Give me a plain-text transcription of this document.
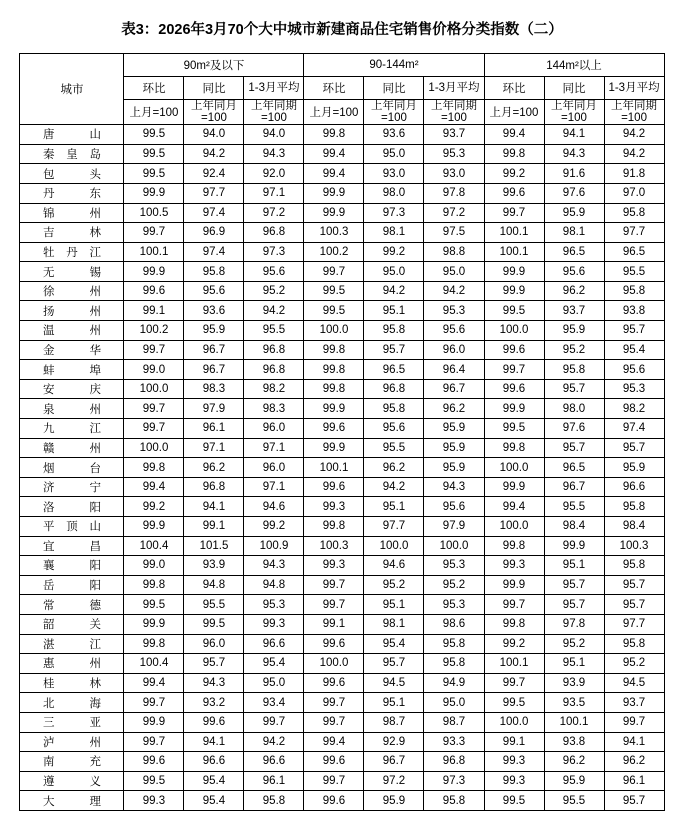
表3：2026年3月70个大中城市新建商品住宅销售价格分类指数（二）
城市	90m²及以下			90-144m²			144m²以上		
	环比	同比	1-3月平均	环比	同比	1-3月平均	环比	同比	1-3月平均
	上月=100	上年同月=100	上年同期=100	上月=100	上年同月=100	上年同期=100	上月=100	上年同月=100	上年同期=100
唐山	99.5	94.0	94.0	99.8	93.6	93.7	99.4	94.1	94.2
秦皇岛	99.5	94.2	94.3	99.4	95.0	95.3	99.8	94.3	94.2
包头	99.5	92.4	92.0	99.4	93.0	93.0	99.2	91.6	91.8
丹东	99.9	97.7	97.1	99.9	98.0	97.8	99.6	97.6	97.0
锦州	100.5	97.4	97.2	99.9	97.3	97.2	99.7	95.9	95.8
吉林	99.7	96.9	96.8	100.3	98.1	97.5	100.1	98.1	97.7
牡丹江	100.1	97.4	97.3	100.2	99.2	98.8	100.1	96.5	96.5
无锡	99.9	95.8	95.6	99.7	95.0	95.0	99.9	95.6	95.5
徐州	99.6	95.6	95.2	99.5	94.2	94.2	99.9	96.2	95.8
扬州	99.1	93.6	94.2	99.5	95.1	95.3	99.5	93.7	93.8
温州	100.2	95.9	95.5	100.0	95.8	95.6	100.0	95.9	95.7
金华	99.7	96.7	96.8	99.8	95.7	96.0	99.6	95.2	95.4
蚌埠	99.0	96.7	96.8	99.8	96.5	96.4	99.7	95.8	95.6
安庆	100.0	98.3	98.2	99.8	96.8	96.7	99.6	95.7	95.3
泉州	99.7	97.9	98.3	99.9	95.8	96.2	99.9	98.0	98.2
九江	99.7	96.1	96.0	99.6	95.6	95.9	99.5	97.6	97.4
赣州	100.0	97.1	97.1	99.9	95.5	95.9	99.8	95.7	95.7
烟台	99.8	96.2	96.0	100.1	96.2	95.9	100.0	96.5	95.9
济宁	99.4	96.8	97.1	99.6	94.2	94.3	99.9	96.7	96.6
洛阳	99.2	94.1	94.6	99.3	95.1	95.6	99.4	95.5	95.8
平顶山	99.9	99.1	99.2	99.8	97.7	97.9	100.0	98.4	98.4
宜昌	100.4	101.5	100.9	100.3	100.0	100.0	99.8	99.9	100.3
襄阳	99.0	93.9	94.3	99.3	94.6	95.3	99.3	95.1	95.8
岳阳	99.8	94.8	94.8	99.7	95.2	95.2	99.9	95.7	95.7
常德	99.5	95.5	95.3	99.7	95.1	95.3	99.7	95.7	95.7
韶关	99.9	99.5	99.3	99.1	98.1	98.6	99.8	97.8	97.7
湛江	99.8	96.0	96.6	99.6	95.4	95.8	99.2	95.2	95.8
惠州	100.4	95.7	95.4	100.0	95.7	95.8	100.1	95.1	95.2
桂林	99.4	94.3	95.0	99.6	94.5	94.9	99.7	93.9	94.5
北海	99.7	93.2	93.4	99.7	95.1	95.0	99.5	93.5	93.7
三亚	99.9	99.6	99.7	99.7	98.7	98.7	100.0	100.1	99.7
泸州	99.7	94.1	94.2	99.4	92.9	93.3	99.1	93.8	94.1
南充	99.6	96.6	96.6	99.6	96.7	96.8	99.3	96.2	96.2
遵义	99.5	95.4	96.1	99.7	97.2	97.3	99.3	95.9	96.1
大理	99.3	95.4	95.8	99.6	95.9	95.8	99.5	95.5	95.7
